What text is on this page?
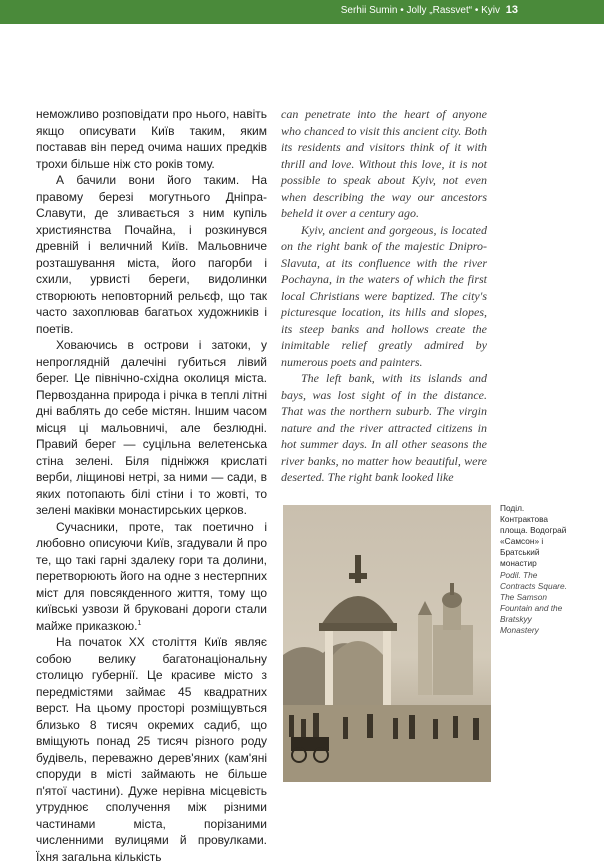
Serhii Sumin • Jolly „Rassvet“ • Kyiv 13

неможливо розповідати про нього, навіть якщо описувати Київ таким, яким поставав він перед очима наших предків трохи більше ніж сто років тому.

А бачили вони його таким. На правому березі могутнього Дніпра-Славути, де зливається з ним купіль християнства Почайна, і розкинувся древній і величний Київ. Мальовниче розташування міста, його пагорби і схили, урвисті береги, видолинки створюють неповторний рельєф, що так часто захоплював багатьох художників і поетів.

Ховаючись в острови і затоки, у непроглядній далечіні губиться лівий берег. Це північно-східна околиця міста. Первозданна природа і річка в теплі літні дні ваблять до себе містян. Іншим часом місця ці мальовничі, але безлюдні. Правий берег — суцільна велетенська стіна зелені. Біля підніжжя крислаті верби, ліщинові нетрі, за ними — сади, в яких потопають білі стіни і то жовті, то зелені маківки монастирських церков.

Сучасники, проте, так поетично і любовно описуючи Київ, згадували й про те, що такі гарні здалеку гори та долини, перетворюють його на одне з нестерпних міст для повсякденного життя, тому що київські узвози й бруковані дороги стали майже приказкою.$^1$

На початок XX століття Київ являє собою велику багатонаціональну столицю губернії. Це красиве місто з передмістями займає 45 квадратних верст. На цьому просторі розміщувться близько 8 тисяч окремих садиб, що вміщують понад 25 тисяч різного роду будівель, переважно дерев'яних (кам'яні споруди в місті займають не більше п'ятої частини). Дуже нерівна місцевість утруднює сполучення між різними частинами міста, порізаними численними вулицями й провулками. Їхня загальна кількість

can penetrate into the heart of anyone who chanced to visit this ancient city. Both its residents and visitors think of it with thrill and love. Without this love, it is not possible to speak about Kyiv, not even when describing the way our ancestors beheld it over a century ago.

Kyiv, ancient and gorgeous, is located on the right bank of the majestic Dnipro-Slavuta, at its confluence with the river Pochayna, in the waters of which the first local Christians were baptized. The city's picturesque location, its hills and slopes, its steep banks and hollows create the inimitable relief greatly admired by numerous poets and painters.

The left bank, with its islands and bays, was lost sight of in the distance. That was the northern suburb. The virgin nature and the river attracted citizens in hot summer days. In all other seasons the river banks, no matter how beautiful, were deserted. The right bank looked like

Поділ. Контрактова площа. Водограй «Самсон» і Братський монастир
Podil. The Contracts Square. The Samson Fountain and the Bratskyy Monastery
